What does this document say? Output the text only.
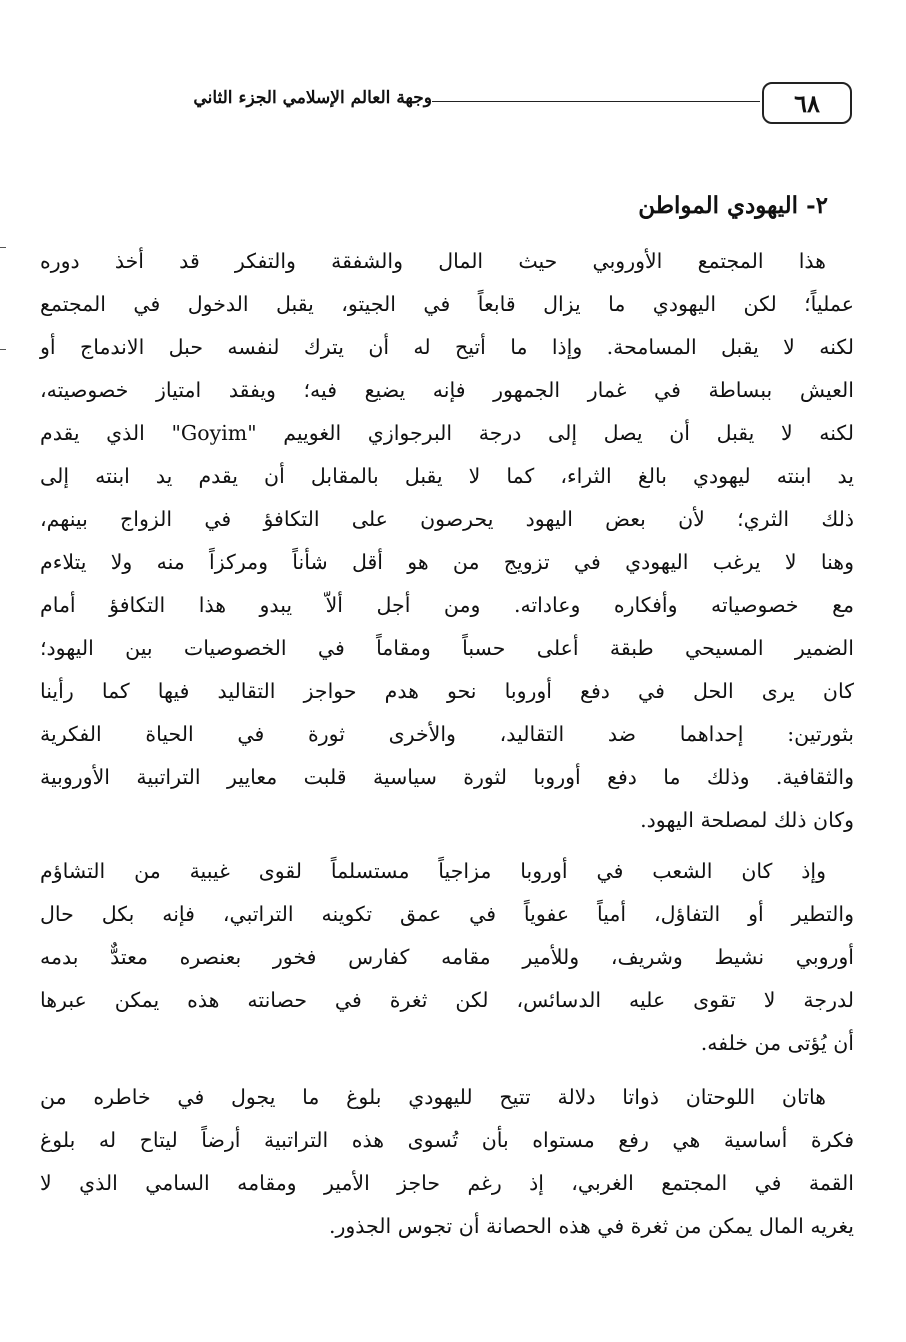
وجهة العالم الإسلامي الجزء الثاني	٦٨
٢- اليهودي المواطن
هذا المجتمع الأوروبي حيث المال والشفقة والتفكر قد أخذ دوره
عملياً؛ لكن اليهودي ما يزال قابعاً في الجيتو، يقبل الدخول في المجتمع
لكنه لا يقبل المسامحة. وإذا ما أتيح له أن يترك لنفسه حبل الاندماج أو
العيش ببساطة في غمار الجمهور فإنه يضيع فيه؛ ويفقد امتياز خصوصيته،
لكنه لا يقبل أن يصل إلى درجة البرجوازي الغوييم "Goyim" الذي يقدم
يد ابنته ليهودي بالغ الثراء، كما لا يقبل بالمقابل أن يقدم يد ابنته إلى
ذلك الثري؛ لأن بعض اليهود يحرصون على التكافؤ في الزواج بينهم،
وهنا لا يرغب اليهودي في تزويج من هو أقل شأناً ومركزاً منه ولا يتلاءم
مع خصوصياته وأفكاره وعاداته. ومن أجل ألاّ يبدو هذا التكافؤ أمام
الضمير المسيحي طبقة أعلى حسباً ومقاماً في الخصوصيات بين اليهود؛
كان يرى الحل في دفع أوروبا نحو هدم حواجز التقاليد فيها كما رأينا
بثورتين: إحداهما ضد التقاليد، والأخرى ثورة في الحياة الفكرية
والثقافية. وذلك ما دفع أوروبا لثورة سياسية قلبت معايير التراتبية الأوروبية
وكان ذلك لمصلحة اليهود.
وإذ كان الشعب في أوروبا مزاجياً مستسلماً لقوى غيبية من التشاؤم
والتطير أو التفاؤل، أمياً عفوياً في عمق تكوينه التراتبي، فإنه بكل حال
أوروبي نشيط وشريف، وللأمير مقامه كفارس فخور بعنصره معتدٌّ بدمه
لدرجة لا تقوى عليه الدسائس، لكن ثغرة في حصانته هذه يمكن عبرها
أن يُؤتى من خلفه.
هاتان اللوحتان ذواتا دلالة تتيح لليهودي بلوغ ما يجول في خاطره من
فكرة أساسية هي رفع مستواه بأن تُسوى هذه التراتبية أرضاً ليتاح له بلوغ
القمة في المجتمع الغربي، إذ رغم حاجز الأمير ومقامه السامي الذي لا
يغريه المال يمكن من ثغرة في هذه الحصانة أن تجوس الجذور.
